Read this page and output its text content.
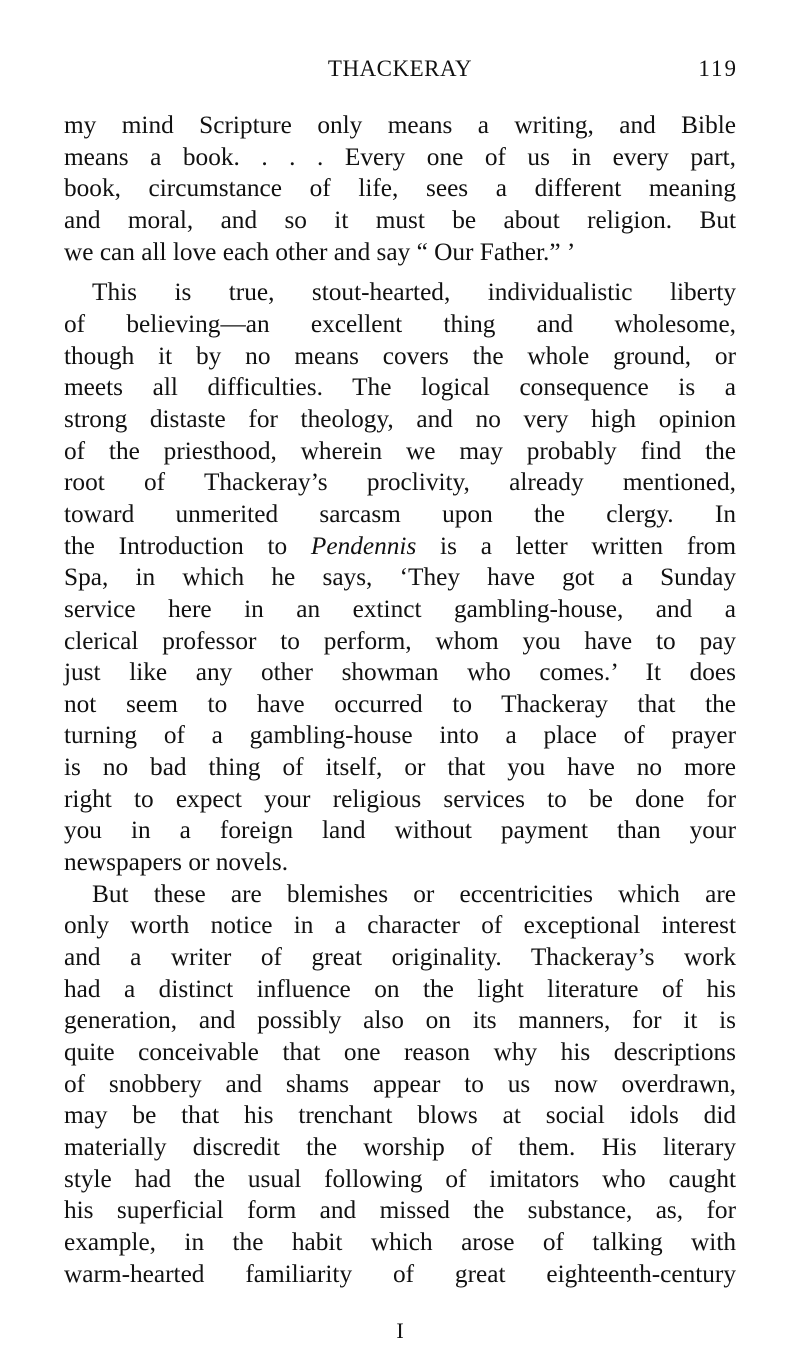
THACKERAY	119

my mind Scripture only means a writing, and Bible
means a book. . . . Every one of us in every part,
book, circumstance of life, sees a different meaning
and moral, and so it must be about religion. But
we can all love each other and say “ Our Father.” ’

This is true, stout-hearted, individualistic liberty
of believing—an excellent thing and wholesome,
though it by no means covers the whole ground, or
meets all difficulties. The logical consequence is a
strong distaste for theology, and no very high opinion
of the priesthood, wherein we may probably find the
root of Thackeray’s proclivity, already mentioned,
toward unmerited sarcasm upon the clergy. In
the Introduction to Pendennis is a letter written from
Spa, in which he says, ‘They have got a Sunday
service here in an extinct gambling-house, and a
clerical professor to perform, whom you have to pay
just like any other showman who comes.’ It does
not seem to have occurred to Thackeray that the
turning of a gambling-house into a place of prayer
is no bad thing of itself, or that you have no more
right to expect your religious services to be done for
you in a foreign land without payment than your
newspapers or novels.

But these are blemishes or eccentricities which are
only worth notice in a character of exceptional interest
and a writer of great originality. Thackeray’s work
had a distinct influence on the light literature of his
generation, and possibly also on its manners, for it is
quite conceivable that one reason why his descriptions
of snobbery and shams appear to us now overdrawn,
may be that his trenchant blows at social idols did
materially discredit the worship of them. His literary
style had the usual following of imitators who caught
his superficial form and missed the substance, as, for
example, in the habit which arose of talking with
warm-hearted familiarity of great eighteenth-century

I
